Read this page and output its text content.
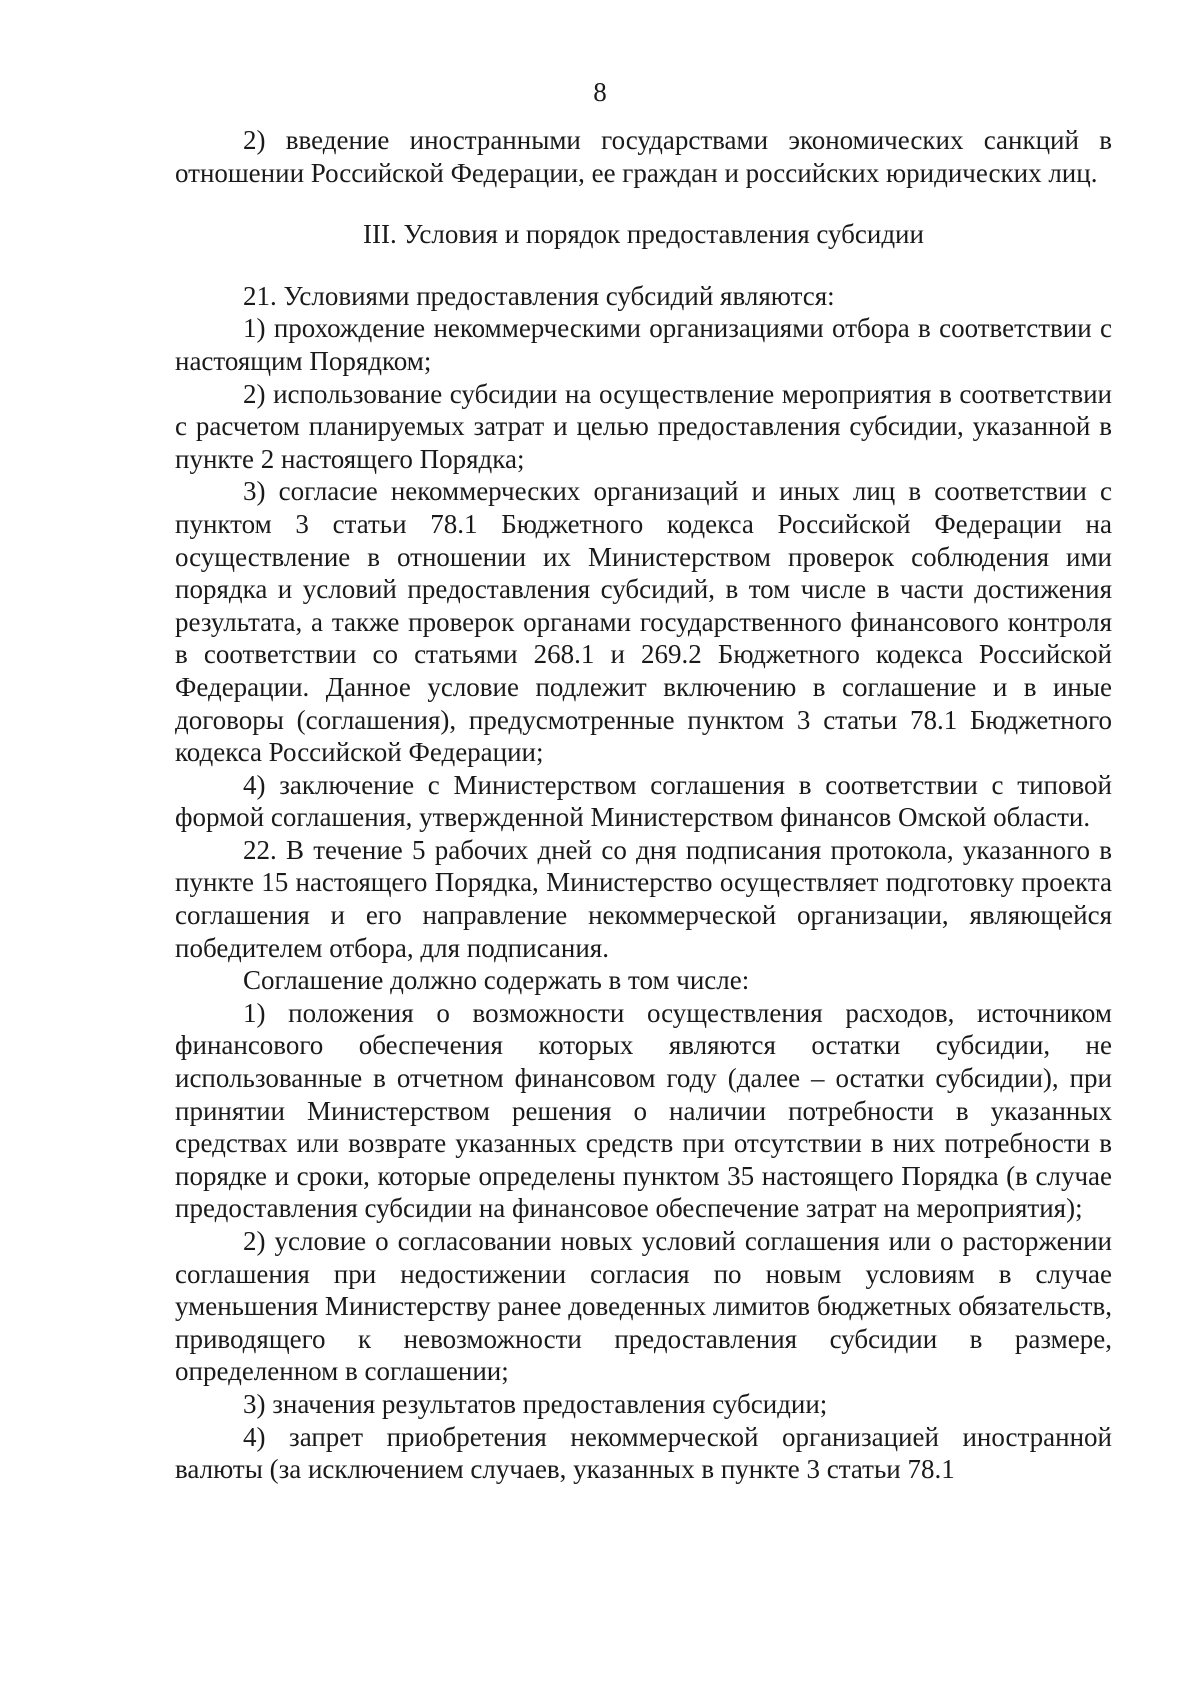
8

2) введение иностранными государствами экономических санкций в отношении Российской Федерации, ее граждан и российских юридических лиц.

III. Условия и порядок предоставления субсидии

21. Условиями предоставления субсидий являются:

1) прохождение некоммерческими организациями отбора в соответствии с настоящим Порядком;

2) использование субсидии на осуществление мероприятия в соответствии с расчетом планируемых затрат и целью предоставления субсидии, указанной в пункте 2 настоящего Порядка;

3) согласие некоммерческих организаций и иных лиц в соответствии с пунктом 3 статьи 78.1 Бюджетного кодекса Российской Федерации на осуществление в отношении их Министерством проверок соблюдения ими порядка и условий предоставления субсидий, в том числе в части достижения результата, а также проверок органами государственного финансового контроля в соответствии со статьями 268.1 и 269.2 Бюджетного кодекса Российской Федерации. Данное условие подлежит включению в соглашение и в иные договоры (соглашения), предусмотренные пунктом 3 статьи 78.1 Бюджетного кодекса Российской Федерации;

4) заключение с Министерством соглашения в соответствии с типовой формой соглашения, утвержденной Министерством финансов Омской области.

22. В течение 5 рабочих дней со дня подписания протокола, указанного в пункте 15 настоящего Порядка, Министерство осуществляет подготовку проекта соглашения и его направление некоммерческой организации, являющейся победителем отбора, для подписания.

Соглашение должно содержать в том числе:

1) положения о возможности осуществления расходов, источником финансового обеспечения которых являются остатки субсидии, не использованные в отчетном финансовом году (далее – остатки субсидии), при принятии Министерством решения о наличии потребности в указанных средствах или возврате указанных средств при отсутствии в них потребности в порядке и сроки, которые определены пунктом 35 настоящего Порядка (в случае предоставления субсидии на финансовое обеспечение затрат на мероприятия);

2) условие о согласовании новых условий соглашения или о расторжении соглашения при недостижении согласия по новым условиям в случае уменьшения Министерству ранее доведенных лимитов бюджетных обязательств, приводящего к невозможности предоставления субсидии в размере, определенном в соглашении;

3) значения результатов предоставления субсидии;

4) запрет приобретения некоммерческой организацией иностранной валюты (за исключением случаев, указанных в пункте 3 статьи 78.1
